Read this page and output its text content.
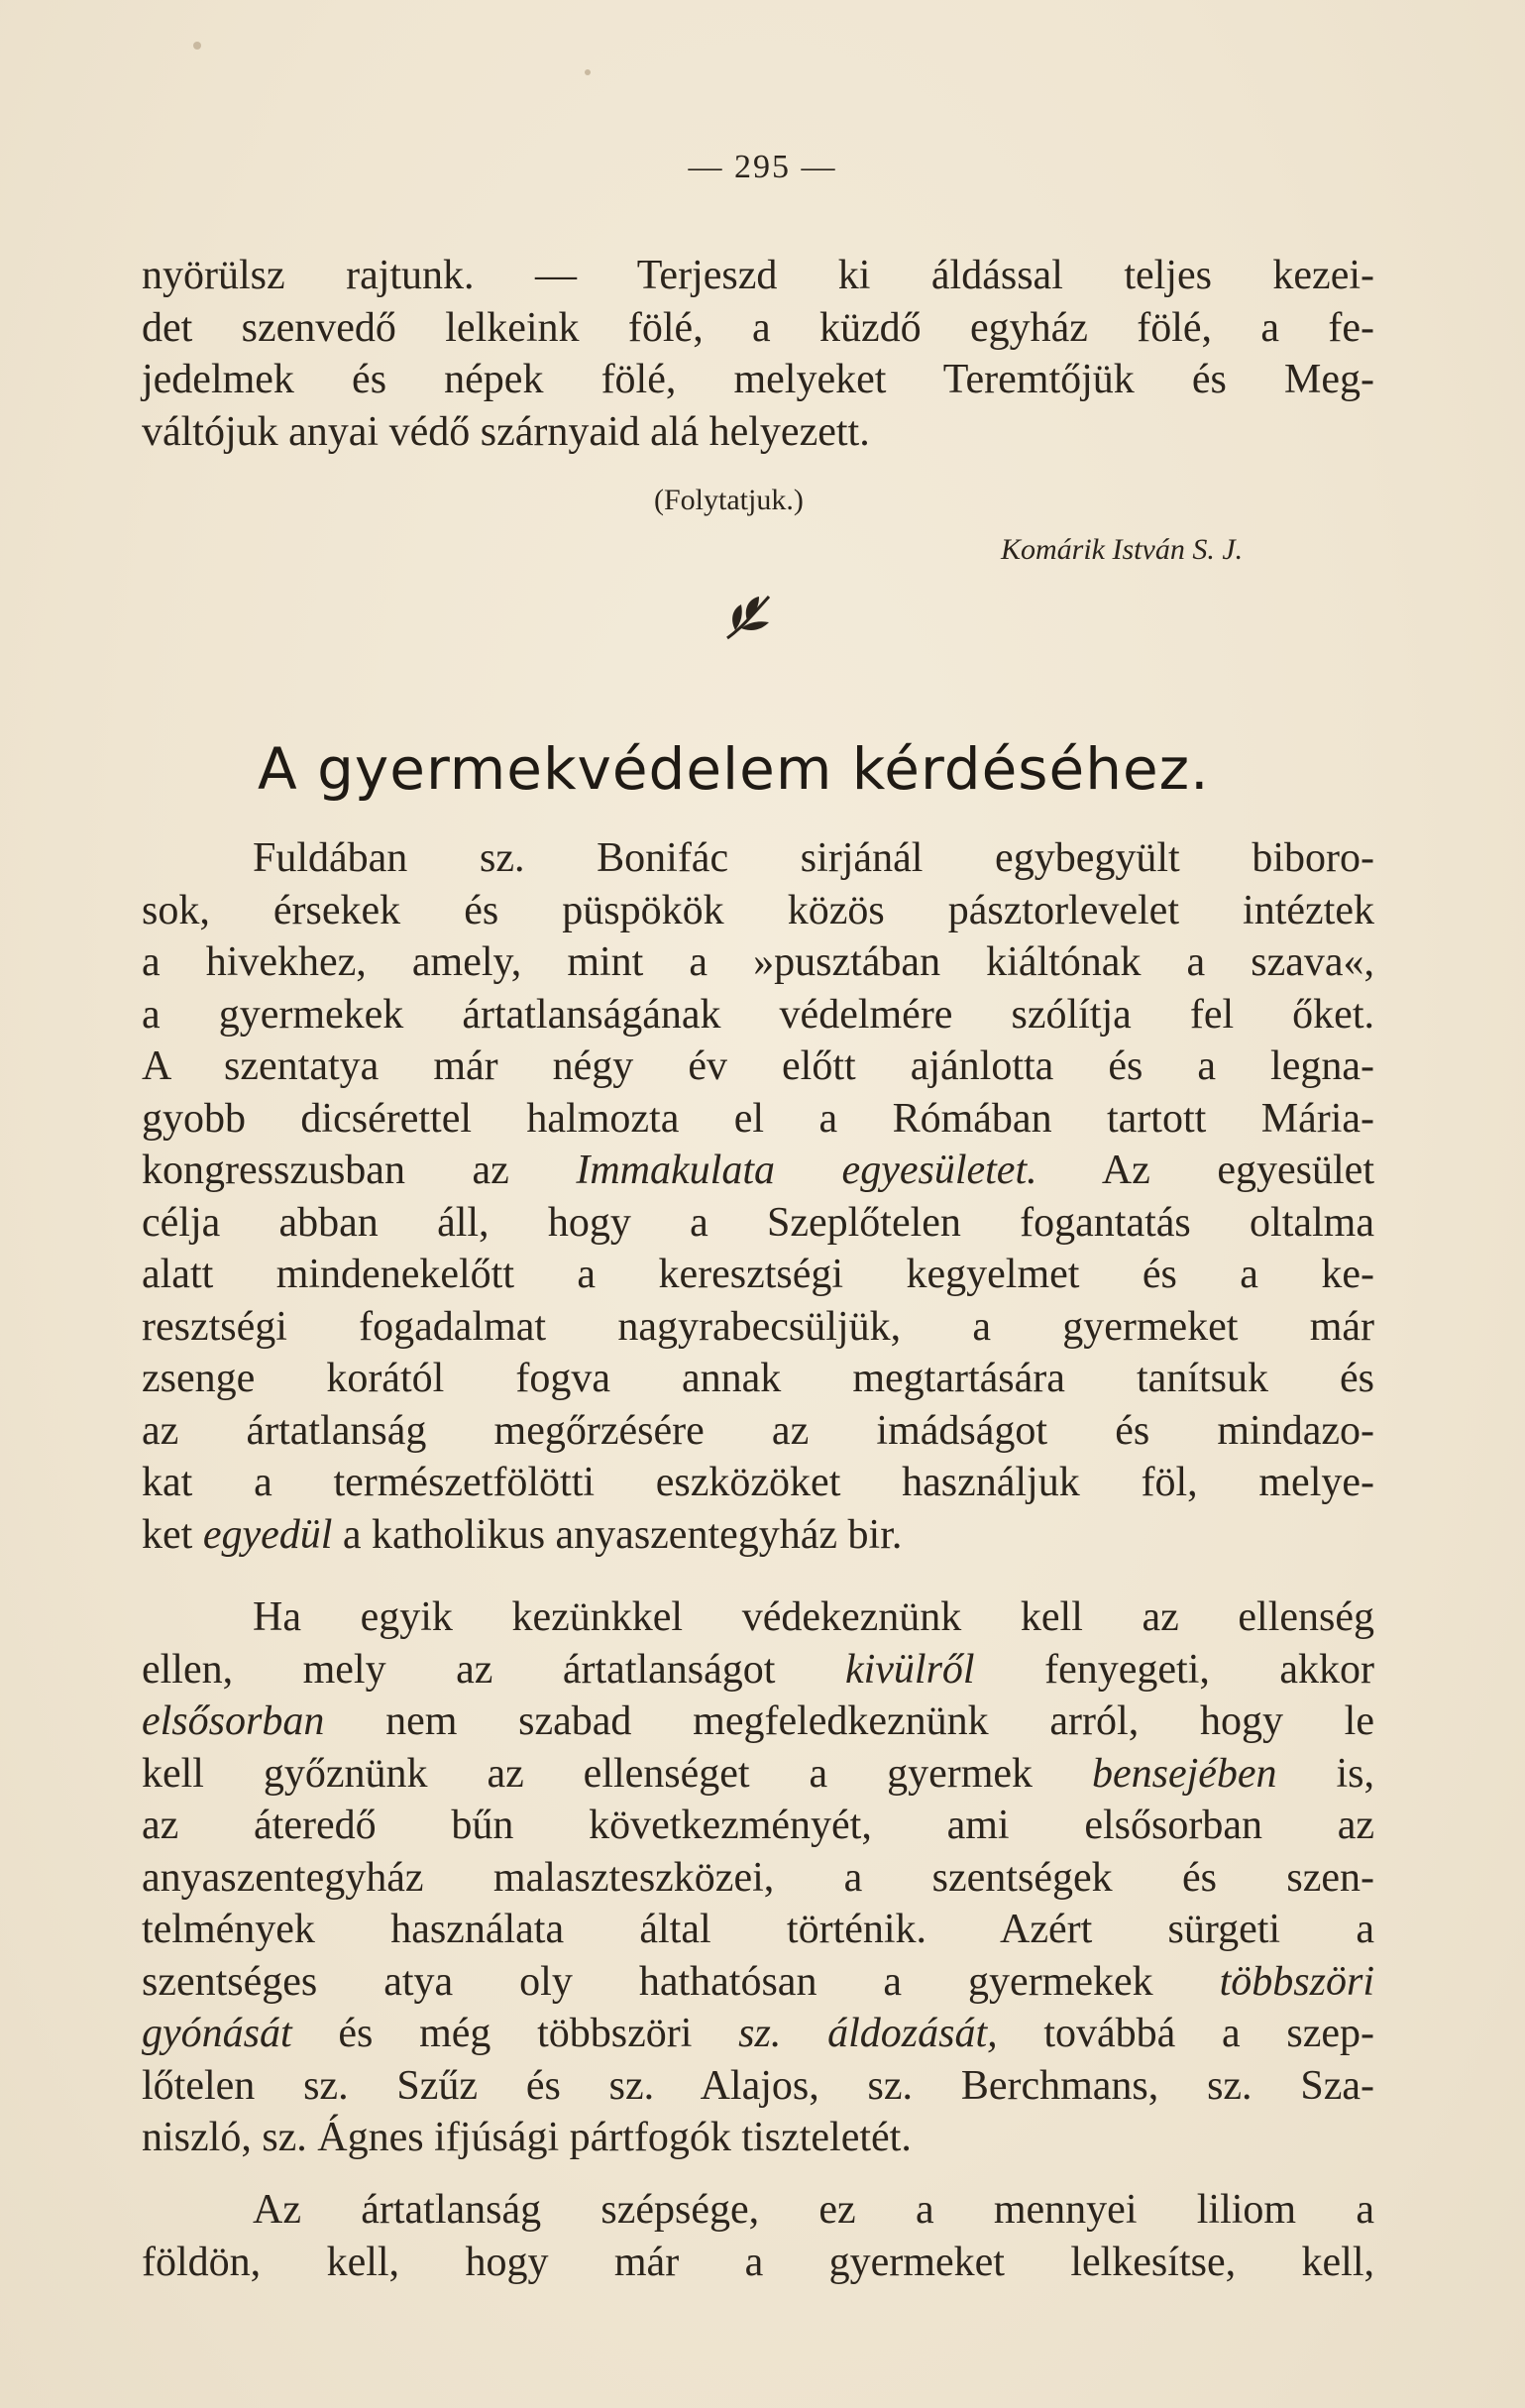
— 295 —
nyörülsz rajtunk. — Terjeszd ki áldással teljes kezei-
det szenvedő lelkeink fölé, a küzdő egyház fölé, a fe-
jedelmek és népek fölé, melyeket Teremtőjük és Meg-
váltójuk anyai védő szárnyaid alá helyezett.
(Folytatjuk.)
Komárik István S. J.
A gyermekvédelem kérdéséhez.
Fuldában sz. Bonifác sirjánál egybegyült biboro-
sok, érsekek és püspökök közös pásztorlevelet intéztek
a hivekhez, amely, mint a »pusztában kiáltónak a szava«,
a gyermekek ártatlanságának védelmére szólítja fel őket.
A szentatya már négy év előtt ajánlotta és a legna-
gyobb dicsérettel halmozta el a Rómában tartott Mária-
kongresszusban az Immakulata egyesületet. Az egyesület
célja abban áll, hogy a Szeplőtelen fogantatás oltalma
alatt mindenekelőtt a keresztségi kegyelmet és a ke-
resztségi fogadalmat nagyrabecsüljük, a gyermeket már
zsenge korától fogva annak megtartására tanítsuk és
az ártatlanság megőrzésére az imádságot és mindazo-
kat a természetfölötti eszközöket használjuk föl, melye-
ket egyedül a katholikus anyaszentegyház bir.
Ha egyik kezünkkel védekeznünk kell az ellenség
ellen, mely az ártatlanságot kivülről fenyegeti, akkor
elsősorban nem szabad megfeledkeznünk arról, hogy le
kell győznünk az ellenséget a gyermek bensejében is,
az áteredő bűn következményét, ami elsősorban az
anyaszentegyház malaszteszközei, a szentségek és szen-
telmények használata által történik. Azért sürgeti a
szentséges atya oly hathatósan a gyermekek többszöri
gyónását és még többszöri sz. áldozását, továbbá a szep-
lőtelen sz. Szűz és sz. Alajos, sz. Berchmans, sz. Sza-
niszló, sz. Ágnes ifjúsági pártfogók tiszteletét.
Az ártatlanság szépsége, ez a mennyei liliom a
földön, kell, hogy már a gyermeket lelkesítse, kell,
